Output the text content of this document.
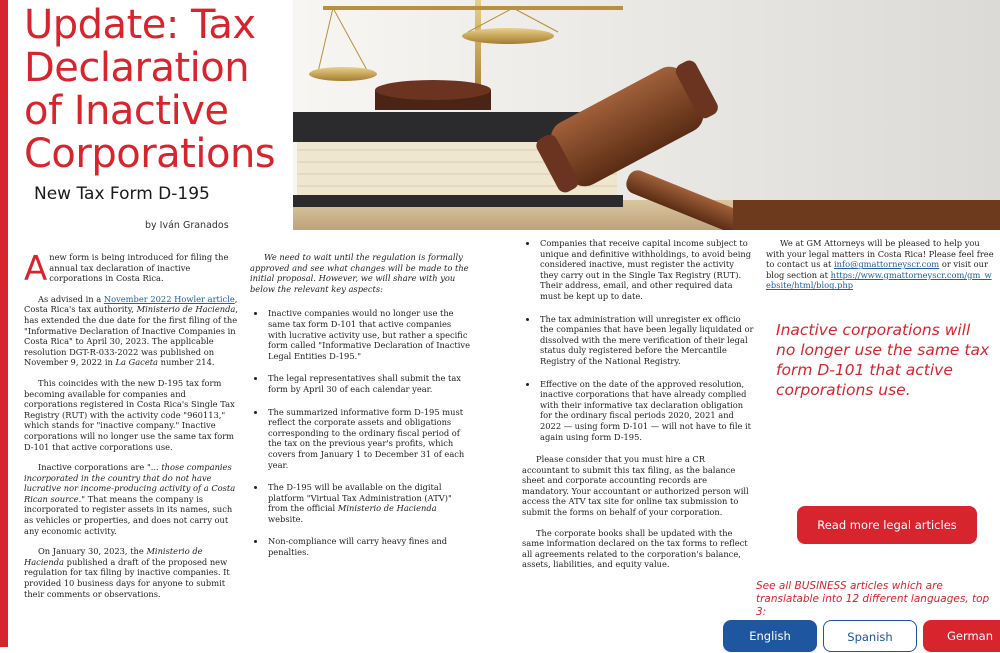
Update: Tax Declaration of Inactive Corporations
New Tax Form D-195
by Iván Granados

Anew form is being introduced for filing the annual tax declaration of inactive corporations in Costa Rica.

As advised in a November 2022 Howler article, Costa Rica's tax authority, Ministerio de Hacienda, has extended the due date for the first filing of the "Informative Declaration of Inactive Companies in Costa Rica" to April 30, 2023. The applicable resolution DGT-R-033-2022 was published on November 9, 2022 in La Gaceta number 214.

This coincides with the new D-195 tax form becoming available for companies and corporations registered in Costa Rica's Single Tax Registry (RUT) with the activity code "960113," which stands for "inactive company." Inactive corporations will no longer use the same tax form D-101 that active corporations use.

Inactive corporations are "... those companies incorporated in the country that do not have lucrative nor income-producing activity of a Costa Rican source." That means the company is incorporated to register assets in its names, such as vehicles or properties, and does not carry out any economic activity.

On January 30, 2023, the Ministerio de Hacienda published a draft of the proposed new regulation for tax filing by inactive companies. It provided 10 business days for anyone to submit their comments or observations.

We need to wait until the regulation is formally approved and see what changes will be made to the initial proposal. However, we will share with you below the relevant key aspects:

• Inactive companies would no longer use the same tax form D-101 that active companies with lucrative activity use, but rather a specific form called "Informative Declaration of Inactive Legal Entities D-195."
• The legal representatives shall submit the tax form by April 30 of each calendar year.
• The summarized informative form D-195 must reflect the corporate assets and obligations corresponding to the ordinary fiscal period of the tax on the previous year's profits, which covers from January 1 to December 31 of each year.
• The D-195 will be available on the digital platform "Virtual Tax Administration (ATV)" from the official Ministerio de Hacienda website.
• Non-compliance will carry heavy fines and penalties.
• Companies that receive capital income subject to unique and definitive withholdings, to avoid being considered inactive, must register the activity they carry out in the Single Tax Registry (RUT). Their address, email, and other required data must be kept up to date.
• The tax administration will unregister ex officio the companies that have been legally liquidated or dissolved with the mere verification of their legal status duly registered before the Mercantile Registry of the National Registry.
• Effective on the date of the approved resolution, inactive corporations that have already complied with their informative tax declaration obligation for the ordinary fiscal periods 2020, 2021 and 2022 — using form D-101 — will not have to file it again using form D-195.

Please consider that you must hire a CR accountant to submit this tax filing, as the balance sheet and corporate accounting records are mandatory. Your accountant or authorized person will access the ATV tax site for online tax submission to submit the forms on behalf of your corporation.

The corporate books shall be updated with the same information declared on the tax forms to reflect all agreements related to the corporation's balance, assets, liabilities, and equity value.

We at GM Attorneys will be pleased to help you with your legal matters in Costa Rica! Please feel free to contact us at info@gmattorneyscr.com or visit our blog section at https://www.gmattorneyscr.com/gm_website/html/blog.php

Inactive corporations will no longer use the same tax form D-101 that active corporations use.
Read more legal articles
See all BUSINESS articles which are translatable into 12 different languages, top 3:
English	Spanish	German
